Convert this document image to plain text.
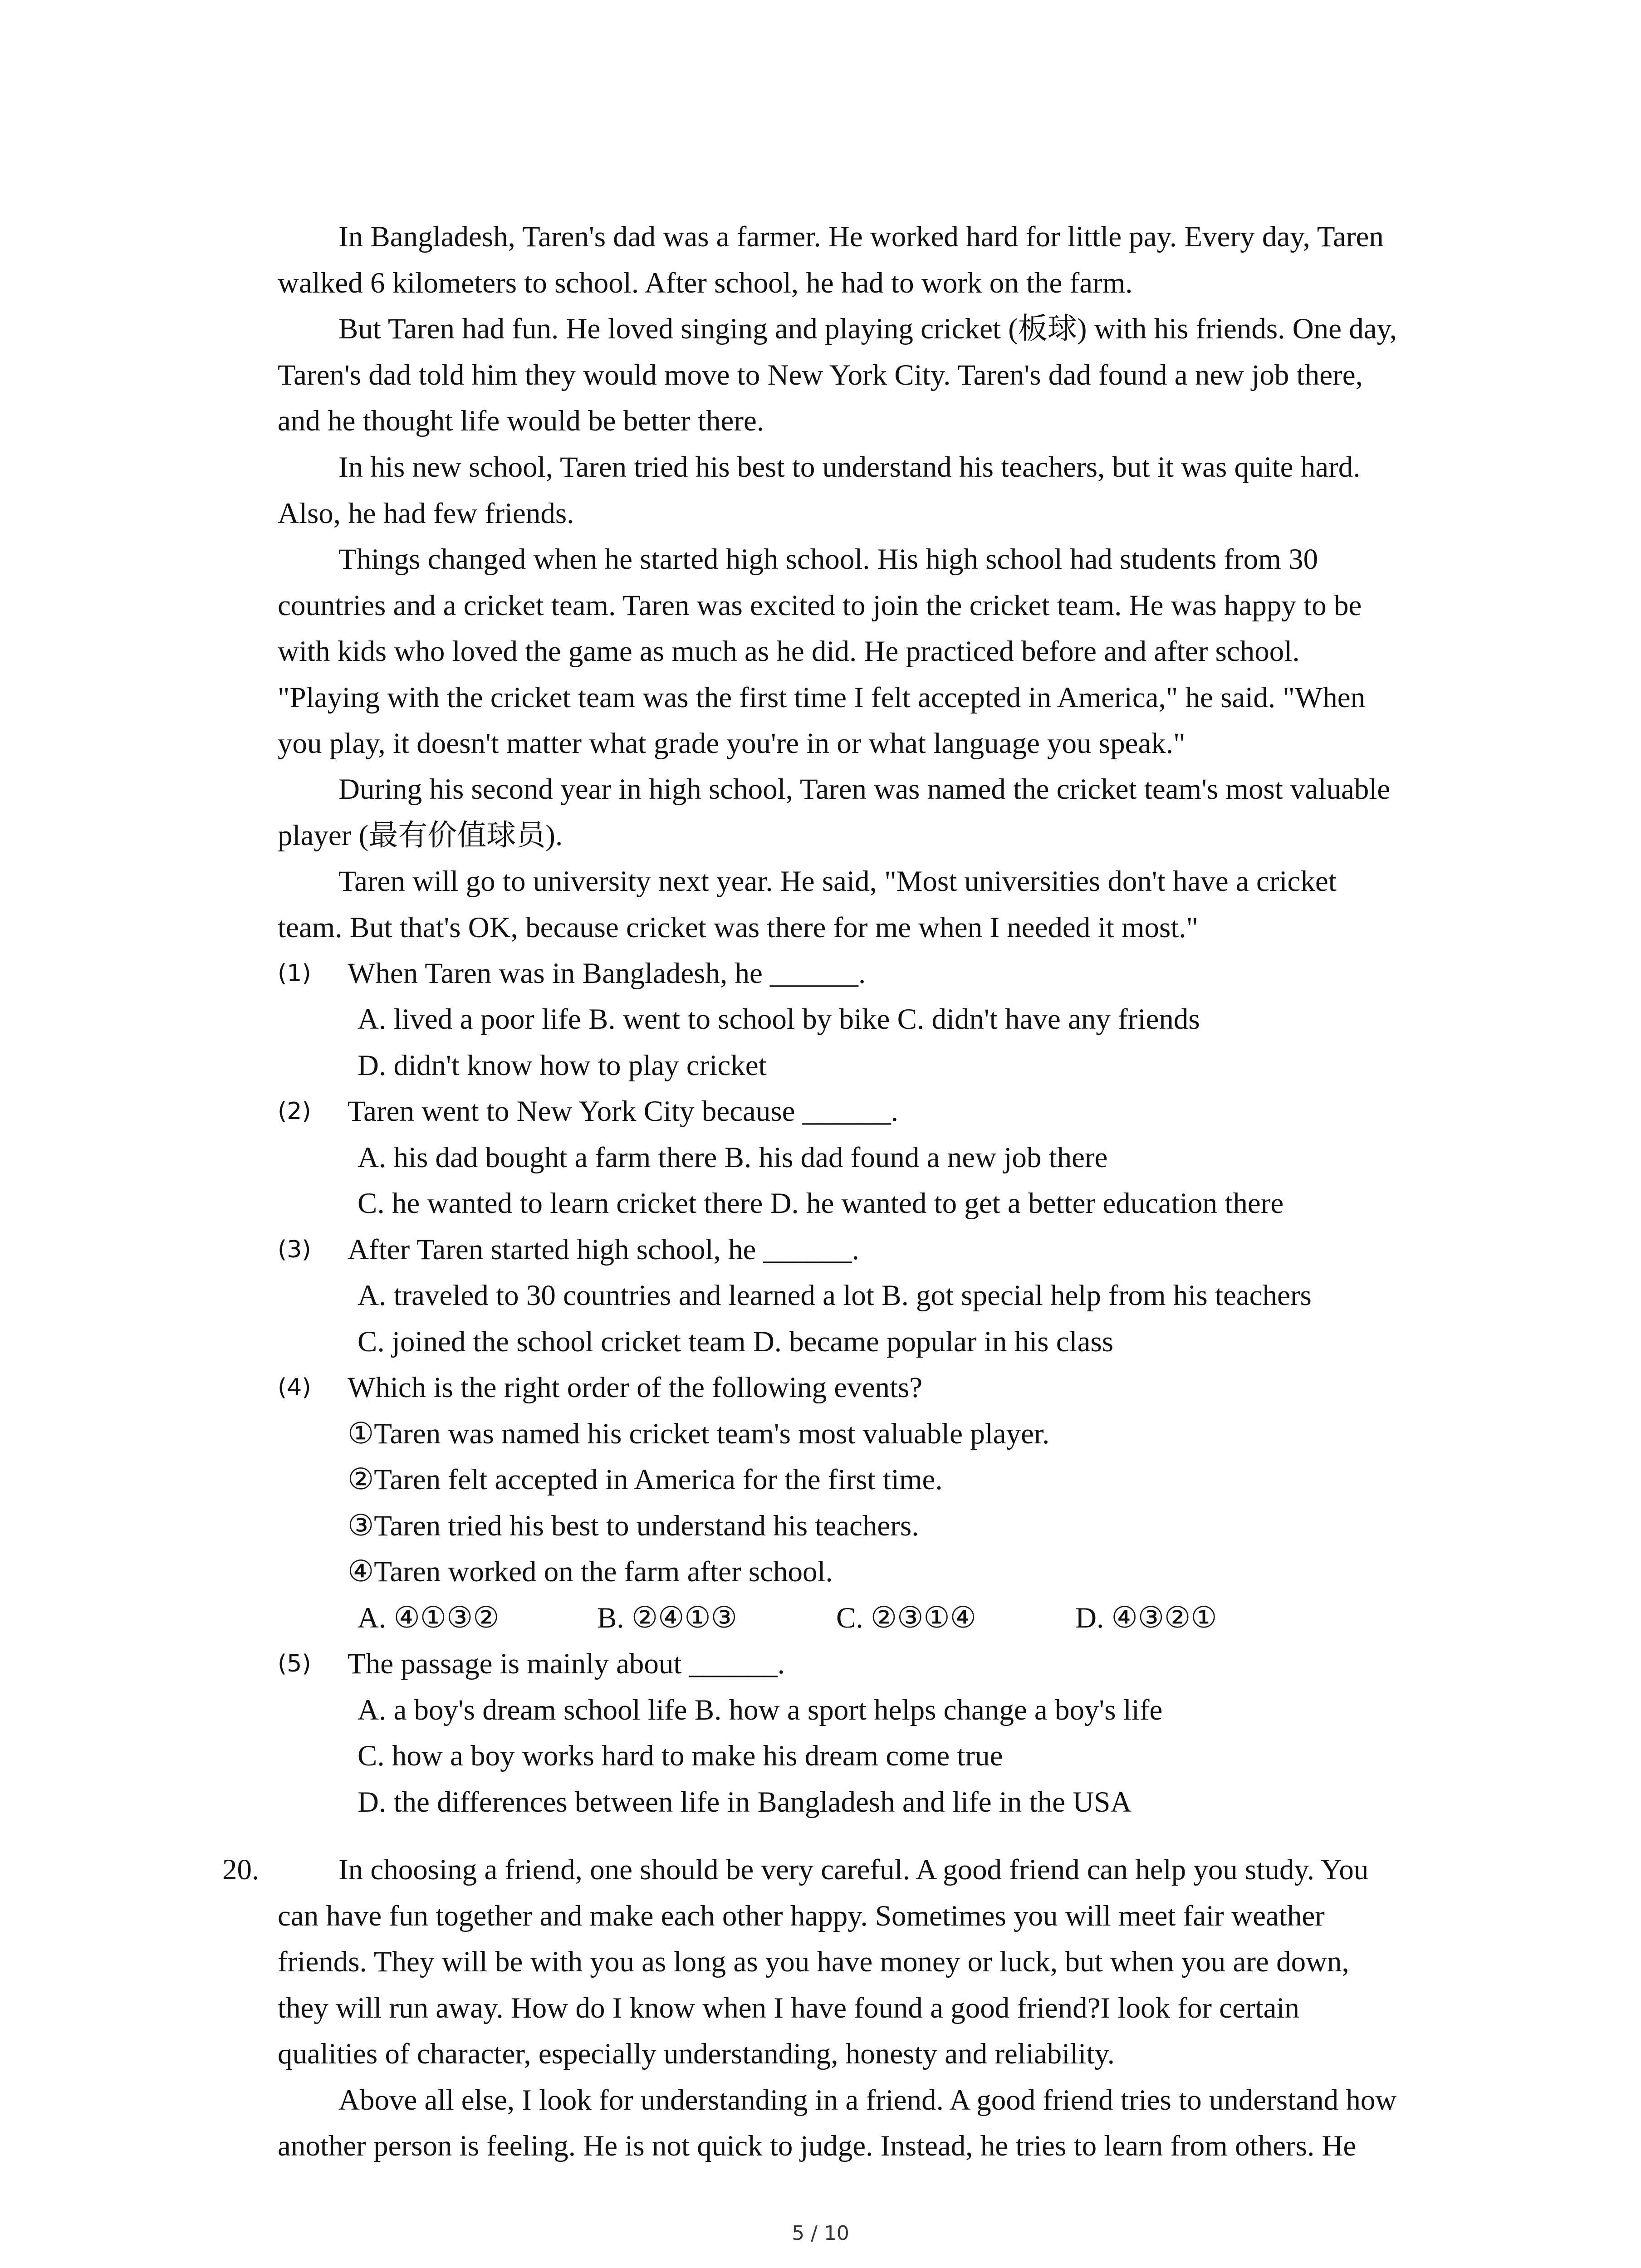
In Bangladesh, Taren's dad was a farmer. He worked hard for little pay. Every day, Taren
walked 6 kilometers to school. After school, he had to work on the farm.
But Taren had fun. He loved singing and playing cricket (板球) with his friends. One day,
Taren's dad told him they would move to New York City. Taren's dad found a new job there,
and he thought life would be better there.
In his new school, Taren tried his best to understand his teachers, but it was quite hard.
Also, he had few friends.
Things changed when he started high school. His high school had students from 30
countries and a cricket team. Taren was excited to join the cricket team. He was happy to be
with kids who loved the game as much as he did. He practiced before and after school.
"Playing with the cricket team was the first time I felt accepted in America," he said. "When
you play, it doesn't matter what grade you're in or what language you speak."
During his second year in high school, Taren was named the cricket team's most valuable
player (最有价值球员).
Taren will go to university next year. He said, "Most universities don't have a cricket
team. But that's OK, because cricket was there for me when I needed it most."
(1)	When Taren was in Bangladesh, he ______.
A. lived a poor life B. went to school by bike C. didn't have any friends
D. didn't know how to play cricket
(2)	Taren went to New York City because ______.
A. his dad bought a farm there B. his dad found a new job there
C. he wanted to learn cricket there D. he wanted to get a better education there
(3)	After Taren started high school, he ______.
A. traveled to 30 countries and learned a lot B. got special help from his teachers
C. joined the school cricket team D. became popular in his class
(4)	Which is the right order of the following events?
①Taren was named his cricket team's most valuable player.
②Taren felt accepted in America for the first time.
③Taren tried his best to understand his teachers.
④Taren worked on the farm after school.
A. ④①③②	B. ②④①③	C. ②③①④	D. ④③②①
(5)	The passage is mainly about ______.
A. a boy's dream school life B. how a sport helps change a boy's life
C. how a boy works hard to make his dream come true
D. the differences between life in Bangladesh and life in the USA
20.	In choosing a friend, one should be very careful. A good friend can help you study. You
can have fun together and make each other happy. Sometimes you will meet fair weather
friends. They will be with you as long as you have money or luck, but when you are down,
they will run away. How do I know when I have found a good friend?I look for certain
qualities of character, especially understanding, honesty and reliability.
Above all else, I look for understanding in a friend. A good friend tries to understand how
another person is feeling. He is not quick to judge. Instead, he tries to learn from others. He
5 / 10
